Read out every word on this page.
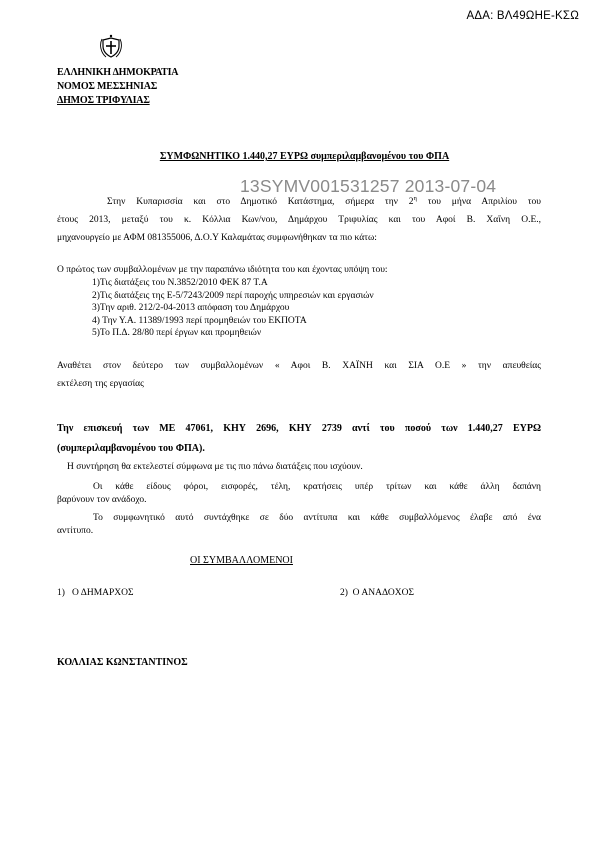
ΑΔΑ: ΒΛ49ΩΗΕ-ΚΣΩ
ΕΛΛΗΝΙΚΗ ΔΗΜΟΚΡΑΤΙΑ
ΝΟΜΟΣ ΜΕΣΣΗΝΙΑΣ
ΔΗΜΟΣ ΤΡΙΦΥΛΙΑΣ
ΣΥΜΦΩΝΗΤΙΚΟ 1.440,27 ΕΥΡΩ συμπεριλαμβανομένου του ΦΠΑ
13SYMV001531257 2013-07-04
Στην Κυπαρισσία και στο Δημοτικό Κατάστημα, σήμερα την $2^\eta$ του μήνα Απριλίου του
έτους 2013, μεταξύ του κ. Κόλλια Κων/νου, Δημάρχου Τριφυλίας και του Αφοί Β. Χαΐνη Ο.Ε.,
μηχανουργείο με ΑΦΜ 081355006, Δ.Ο.Υ Καλαμάτας συμφωνήθηκαν τα πιο κάτω:
Ο πρώτος των συμβαλλομένων με την παραπάνω ιδιότητα του και έχοντας υπόψη του:
1)Τις διατάξεις του Ν.3852/2010 ΦΕΚ 87 Τ.Α
2)Τις διατάξεις της Ε-5/7243/2009 περί παροχής υπηρεσιών και εργασιών
3)Την αριθ. 212/2-04-2013 απόφαση του Δημάρχου
4) Την Υ.Α. 11389/1993 περί προμηθειών του ΕΚΠΟΤΑ
5)Το Π.Δ. 28/80 περί έργων και προμηθειών
Αναθέτει στον δεύτερο των συμβαλλομένων « Αφοι Β. ΧΑΪΝΗ και ΣΙΑ Ο.Ε » την απευθείας
εκτέλεση της εργασίας
Την επισκευή των ΜΕ 47061, ΚΗΥ 2696, ΚΗΥ 2739 αντί του ποσού των 1.440,27 ΕΥΡΩ
(συμπεριλαμβανομένου του ΦΠΑ).
Η συντήρηση θα εκτελεστεί σύμφωνα με τις πιο πάνω διατάξεις που ισχύουν.
Οι κάθε είδους φόροι, εισφορές, τέλη, κρατήσεις υπέρ τρίτων και κάθε άλλη δαπάνη
βαρύνουν τον ανάδοχο.
Το συμφωνητικό αυτό συντάχθηκε σε δύο αντίτυπα και κάθε συμβαλλόμενος έλαβε από ένα
αντίτυπο.
ΟΙ ΣΥΜΒΑΛΛΟΜΕΝΟΙ
1)   Ο ΔΗΜΑΡΧΟΣ	2)  Ο ΑΝΑΔΟΧΟΣ
ΚΟΛΛΙΑΣ ΚΩΝΣΤΑΝΤΙΝΟΣ
